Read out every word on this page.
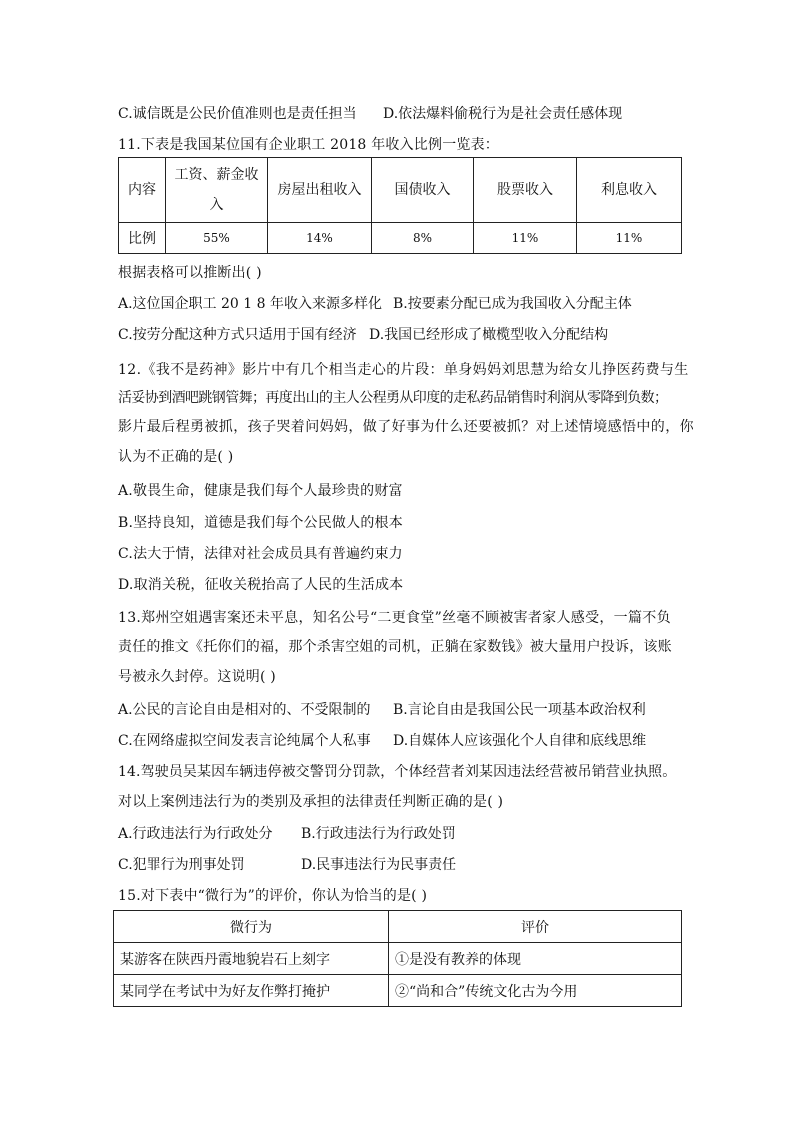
C.诚信既是公民价值准则也是责任担当 D.依法爆料偷税行为是社会责任感体现
11.下表是我国某位国有企业职工 2018 年收入比例一览表：
内容	工资、薪金收入	房屋出租收入	国债收入	股票收入	利息收入
比例	55%	14%	8%	11%	11%
根据表格可以推断出( )
A.这位国企职工 20 1 8 年收入来源多样化 B.按要素分配已成为我国收入分配主体
C.按劳分配这种方式只适用于国有经济 D.我国已经形成了橄榄型收入分配结构
12.《我不是药神》影片中有几个相当走心的片段：单身妈妈刘思慧为给女儿挣医药费与生
活妥协到酒吧跳钢管舞；再度出山的主人公程勇从印度的走私药品销售时利润从零降到负数；
影片最后程勇被抓，孩子哭着问妈妈，做了好事为什么还要被抓？对上述情境感悟中的，你
认为不正确的是( )
A.敬畏生命，健康是我们每个人最珍贵的财富
B.坚持良知，道德是我们每个公民做人的根本
C.法大于情，法律对社会成员具有普遍约束力
D.取消关税，征收关税抬高了人民的生活成本
13.郑州空姐遇害案还未平息，知名公号“二更食堂”丝毫不顾被害者家人感受，一篇不负
责任的推文《托你们的福，那个杀害空姐的司机，正躺在家数钱》被大量用户投诉，该账
号被永久封停。这说明( )
A.公民的言论自由是相对的、不受限制的 B.言论自由是我国公民一项基本政治权利
C.在网络虚拟空间发表言论纯属个人私事 D.自媒体人应该强化个人自律和底线思维
14.驾驶员吴某因车辆违停被交警罚分罚款，个体经营者刘某因违法经营被吊销营业执照。
对以上案例违法行为的类别及承担的法律责任判断正确的是( )
A.行政违法行为行政处分 B.行政违法行为行政处罚
C.犯罪行为刑事处罚	D.民事违法行为民事责任
15.对下表中“微行为”的评价，你认为恰当的是( )
微行为	评价
某游客在陕西丹霞地貌岩石上刻字	①是没有教养的体现
某同学在考试中为好友作弊打掩护	②“尚和合”传统文化古为今用
